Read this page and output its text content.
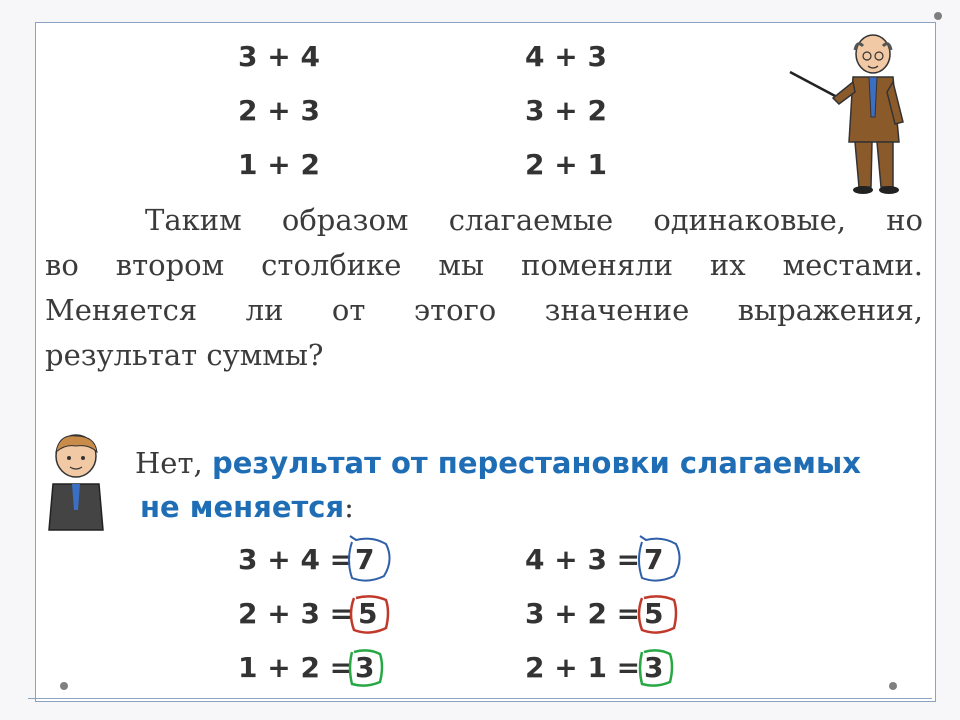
3 + 4	4 + 3
2 + 3	3 + 2
1 + 2	2 + 1
Таким образом слагаемые одинаковые, но
во втором столбике мы поменяли их местами.
Меняется ли от этого значение выражения,
результат суммы?
Нет, результат от перестановки слагаемых
не меняется:
3 + 4 = 7	4 + 3 = 7
2 + 3 = 5	3 + 2 = 5
1 + 2 = 3	2 + 1 = 3
